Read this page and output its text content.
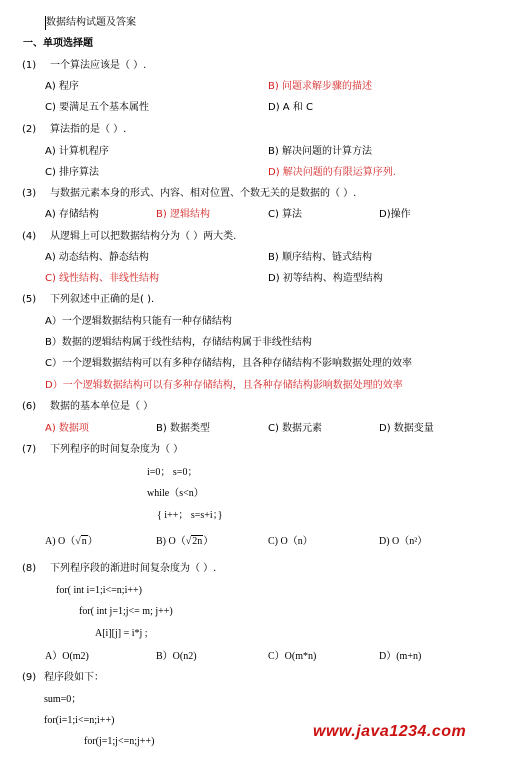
数据结构试题及答案
一、单项选择题
(1) 一个算法应该是（ ）.
A) 程序	B) 问题求解步骤的描述
C) 要满足五个基本属性	D) A 和 C
(2) 算法指的是（ ）.
A) 计算机程序	B) 解决问题的计算方法
C) 排序算法	D) 解决问题的有限运算序列.
(3) 与数据元素本身的形式、内容、相对位置、个数无关的是数据的（ ）.
A) 存储结构	B) 逻辑结构	C) 算法	D)操作
(4) 从逻辑上可以把数据结构分为（ ）两大类.
A) 动态结构、静态结构	B) 顺序结构、链式结构
C) 线性结构、非线性结构	D) 初等结构、构造型结构
(5) 下列叙述中正确的是( ).
A）一个逻辑数据结构只能有一种存储结构
B）数据的逻辑结构属于线性结构，存储结构属于非线性结构
C）一个逻辑数据结构可以有多种存储结构，且各种存储结构不影响数据处理的效率
D）一个逻辑数据结构可以有多种存储结构，且各种存储结构影响数据处理的效率
(6) 数据的基本单位是（ ）
A) 数据项	B) 数据类型	C) 数据元素	D) 数据变量
(7) 下列程序的时间复杂度为（ ）
i=0； s=0；
while（s<n）
{ i++； s=s+i；}
A) O（√n）	B) O（√2n）	C) O（n）	D) O（n²）
(8) 下列程序段的渐进时间复杂度为（ ）.
for( int i=1;i<=n;i++)
for( int j=1;j<= m; j++)
A[i][j] = i*j ;
A）O(m2)	B）O(n2)	C）O(m*n)	D）(m+n)
(9) 程序段如下：
sum=0；
for(i=1;i<=n;i++)
for(j=1;j<=n;j++)
www.java1234.com
